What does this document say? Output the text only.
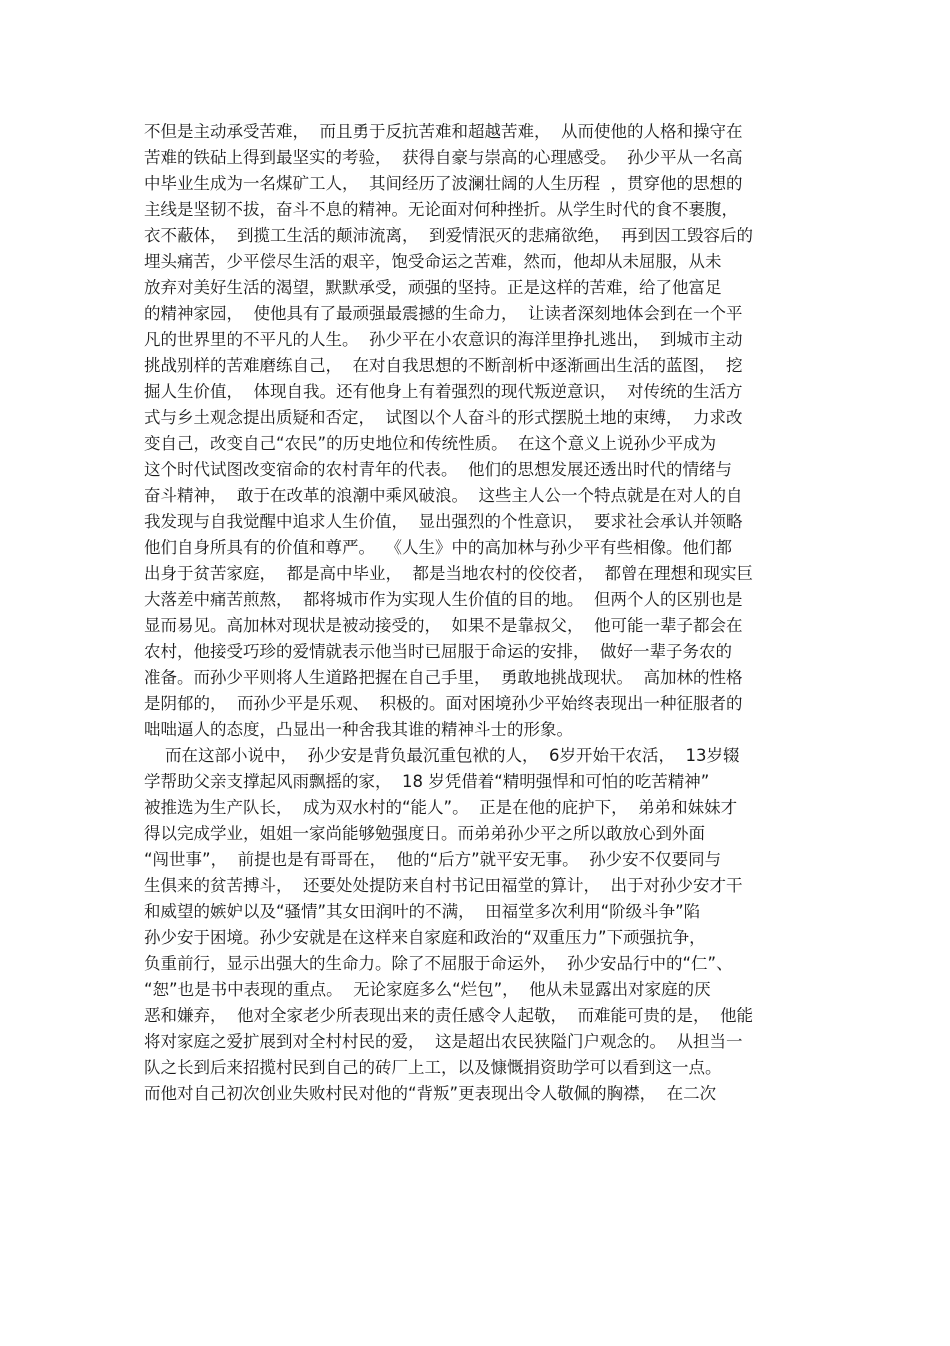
不但是主动承受苦难，  而且勇于反抗苦难和超越苦难，  从而使他的人格和操守在
苦难的铁砧上得到最坚实的考验，  获得自豪与崇高的心理感受。  孙少平从一名高
中毕业生成为一名煤矿工人，  其间经历了波澜壮阔的人生历程  ，贯穿他的思想的
主线是坚韧不拔，奋斗不息的精神。无论面对何种挫折。从学生时代的食不裹腹，
衣不蔽体，  到揽工生活的颠沛流离，  到爱情泯灭的悲痛欲绝，  再到因工毁容后的
埋头痛苦，少平偿尽生活的艰辛，饱受命运之苦难，然而，他却从未屈服，从未
放弃对美好生活的渴望，默默承受，顽强的坚持。正是这样的苦难，给了他富足
的精神家园，  使他具有了最顽强最震撼的生命力，  让读者深刻地体会到在一个平
凡的世界里的不平凡的人生。  孙少平在小农意识的海洋里挣扎逃出，  到城市主动
挑战别样的苦难磨练自己，  在对自我思想的不断剖析中逐渐画出生活的蓝图，  挖
掘人生价值，  体现自我。还有他身上有着强烈的现代叛逆意识，  对传统的生活方
式与乡土观念提出质疑和否定，  试图以个人奋斗的形式摆脱土地的束缚，  力求改
变自己，改变自己“农民”的历史地位和传统性质。  在这个意义上说孙少平成为
这个时代试图改变宿命的农村青年的代表。  他们的思想发展还透出时代的情绪与
奋斗精神，  敢于在改革的浪潮中乘风破浪。  这些主人公一个特点就是在对人的自
我发现与自我觉醒中追求人生价值，  显出强烈的个性意识，  要求社会承认并领略
他们自身所具有的价值和尊严。  《人生》中的高加林与孙少平有些相像。他们都
出身于贫苦家庭，  都是高中毕业，  都是当地农村的佼佼者，  都曾在理想和现实巨
大落差中痛苦煎熬，  都将城市作为实现人生价值的目的地。  但两个人的区别也是
显而易见。高加林对现状是被动接受的，  如果不是靠叔父，  他可能一辈子都会在
农村，他接受巧珍的爱情就表示他当时已屈服于命运的安排，  做好一辈子务农的
准备。而孙少平则将人生道路把握在自己手里，  勇敢地挑战现状。  高加林的性格
是阴郁的，  而孙少平是乐观、  积极的。面对困境孙少平始终表现出一种征服者的
咄咄逼人的态度，凸显出一种舍我其谁的精神斗士的形象。
而在这部小说中，  孙少安是背负最沉重包袱的人，  6岁开始干农活，  13岁辍
学帮助父亲支撑起风雨飘摇的家，  18 岁凭借着“精明强悍和可怕的吃苦精神”
被推选为生产队长，  成为双水村的“能人”。  正是在他的庇护下，  弟弟和妹妹才
得以完成学业，姐姐一家尚能够勉强度日。而弟弟孙少平之所以敢放心到外面
“闯世事”，  前提也是有哥哥在，  他的“后方”就平安无事。  孙少安不仅要同与
生俱来的贫苦搏斗，  还要处处提防来自村书记田福堂的算计，  出于对孙少安才干
和威望的嫉妒以及“骚情”其女田润叶的不满，  田福堂多次利用“阶级斗争”陷
孙少安于困境。孙少安就是在这样来自家庭和政治的“双重压力”下顽强抗争，
负重前行，显示出强大的生命力。除了不屈服于命运外，  孙少安品行中的“仁”、
“恕”也是书中表现的重点。  无论家庭多么“烂包”，  他从未显露出对家庭的厌
恶和嫌弃，  他对全家老少所表现出来的责任感令人起敬，  而难能可贵的是，  他能
将对家庭之爱扩展到对全村村民的爱，  这是超出农民狭隘门户观念的。  从担当一
队之长到后来招揽村民到自己的砖厂上工，以及慷慨捐资助学可以看到这一点。
而他对自己初次创业失败村民对他的“背叛”更表现出令人敬佩的胸襟，  在二次
